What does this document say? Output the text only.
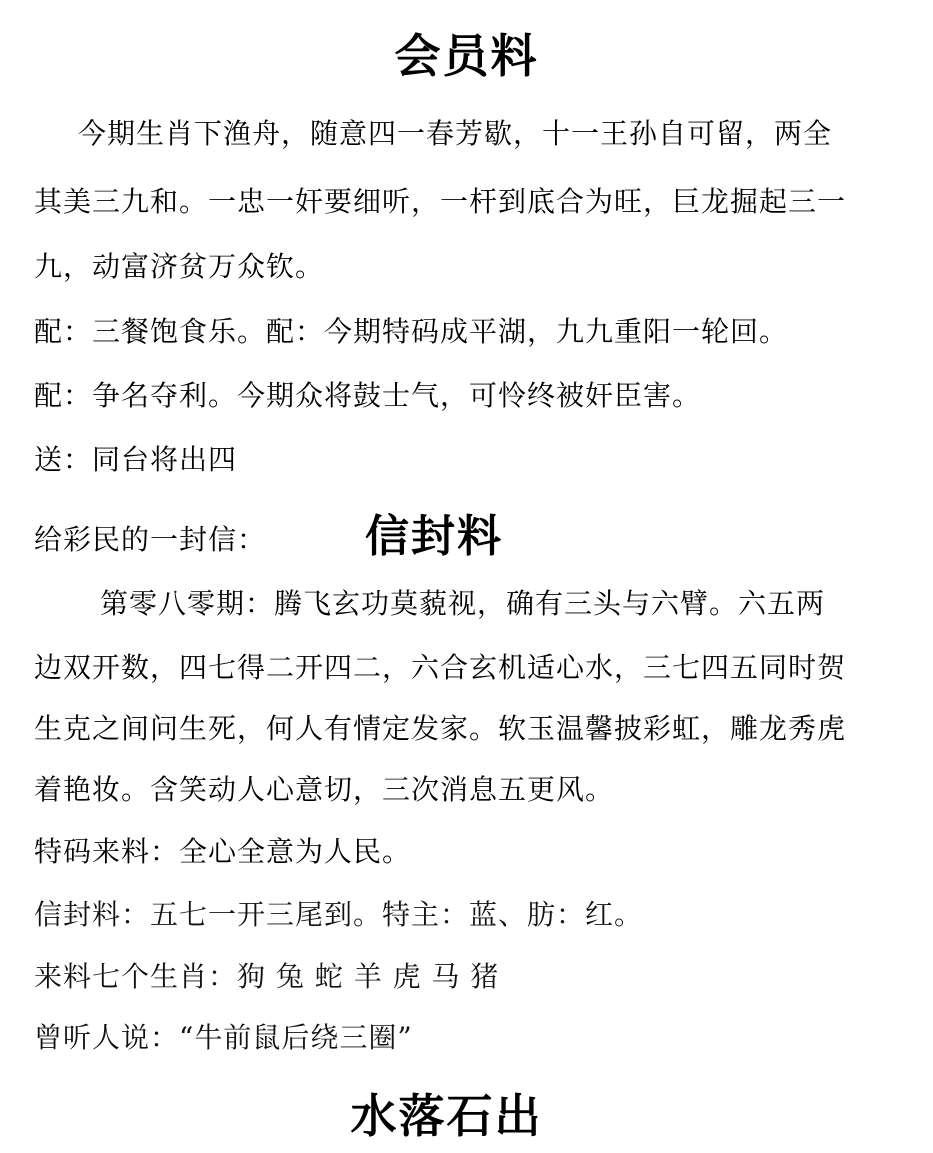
会员料
今期生肖下渔舟，随意四一春芳歇，十一王孙自可留，两全
其美三九和。一忠一奸要细听，一杆到底合为旺，巨龙掘起三一
九，动富济贫万众钦。
配：三餐饱食乐。配：今期特码成平湖，九九重阳一轮回。
配：争名夺利。今期众将鼓士气，可怜终被奸臣害。
送：同台将出四
给彩民的一封信： 信封料
第零八零期：腾飞玄功莫藐视，确有三头与六臂。六五两
边双开数，四七得二开四二，六合玄机适心水，三七四五同时贺
生克之间问生死，何人有情定发家。软玉温馨披彩虹，雕龙秀虎
着艳妆。含笑动人心意切，三次消息五更风。
特码来料：全心全意为人民。
信封料：五七一开三尾到。特主：蓝、肪：红。
来料七个生肖：狗 兔 蛇 羊 虎 马 猪
曾听人说：“牛前鼠后绕三圈”
水落石出
